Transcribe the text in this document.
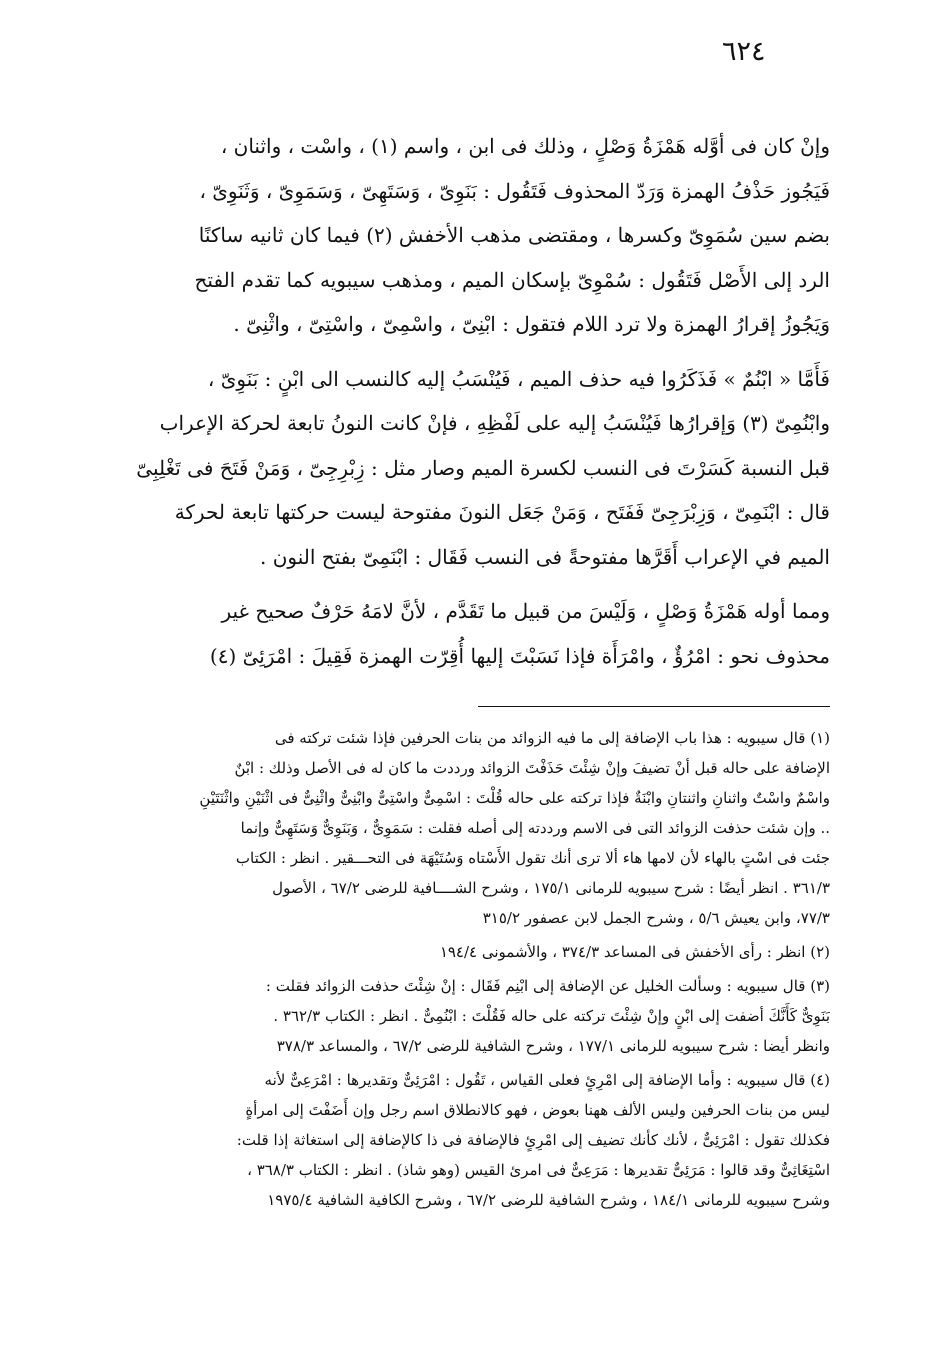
٦٢٤
وإنْ كان فى أوَّله هَمْزَةُ وَصْلٍ ، وذلك فى ابن ، واسم (١) ، واسْت ، واثنان ،
فَيَجُوز حَذْفُ الهمزة وَرَدّ المحذوف فَتَقُول : بَنَوِىّ ، وَسَتَهِىّ ، وَسَمَوِىّ ، وَثَنَوِىّ ،
بضم سين سُمَوِىّ وكسرها ، ومقتضى مذهب الأخفش (٢) فيما كان ثانيه ساكنًا
الرد إلى الأَصْل فَتَقُول : سُمْوِىّ بإسكان الميم ، ومذهب سيبويه كما تقدم الفتح
وَيَجُوزُ إقرارُ الهمزة ولا ترد اللام فتقول : ابْنِىّ ، واسْمِىّ ، واسْتِىّ ، واثْنِىّ .
فَأَمَّا « ابْنُمٌ » فَذَكَرُوا فيه حذف الميم ، فَيُنْسَبُ إليه كالنسب الى ابْنٍ : بَنَوِىّ ،
وابْنُمِىّ (٣) وَإقرارُها فَيُنْسَبُ إليه على لَفْظِهِ ، فإنْ كانت النونُ تابعة لحركة الإعراب
قبل النسبة كَسَرْتَ فى النسب لكسرة الميم وصار مثل : زِبْرِجِىّ ، وَمَنْ فَتَحَ فى تَغْلِبِىّ
قال : ابْنَمِىّ ، وَزِبْرَجِىّ فَفَتَح ، وَمَنْ جَعَل النونَ مفتوحة ليست حركتها تابعة لحركة
الميم في الإعراب أَقَرَّها مفتوحةً فى النسب فَقَال : ابْنَمِىّ بفتح النون .
ومما أوله هَمْزَةُ وَصْلٍ ، وَلَيْسَ من قبيل ما تَقَدَّم ، لأنَّ لامَهُ حَرْفٌ صحيح غير
محذوف نحو : امْرُؤٌ ، وامْرَأَة فإذا نَسَبْتَ إليها أُقِرّت الهمزة فَقِيلَ : امْرَئِىّ (٤)
(١) قال سيبويه : هذا باب الإضافة إلى ما فيه الزوائد من بنات الحرفين فإذا شئت تركته فى
الإضافة على حاله قبل أنْ تضيفَ وإنْ شِئْتَ حَذَفْتَ الزوائد ورددت ما كان له فى الأصل وذلك : ابْنٌ
واسْمٌ واسْتٌ واثنانِ واثنتانِ وابْنَةٌ فإذا تركته على حاله قُلْتَ : اسْمِىٌّ واسْتِىٌّ وابْنِىٌّ واثْنِىٌّ فى اثْنَيْنِ واثْنَتَيْنِ
.. وإن شئت حذفت الزوائد التى فى الاسم ورددته إلى أصله فقلت : سَمَوِىٌّ ، وَبَنَوِىٌّ وَسَتَهِىٌّ وإنما
جئت فى اسْتٍ بالهاء لأن لامها هاء ألا ترى أنك تقول الأَسْتاه وَسُتَيْهَة فى التحـــقير . انظر : الكتاب
٣٦١/٣ . انظر أيضًا : شرح سيبويه للرمانى ١٧٥/١ ، وشرح الشــــافية للرضى ٦٧/٢ ، الأصول
٧٧/٣، وابن يعيش ٥/٦ ، وشرح الجمل لابن عصفور ٣١٥/٢
(٢) انظر : رأى الأخفش فى المساعد ٣٧٤/٣ ، والأشمونى ١٩٤/٤
(٣) قال سيبويه : وسألت الخليل عن الإضافة إلى ابْنِم فَقَال : إنْ شِئْتَ حذفت الزوائد فقلت :
بَنَوِىٌّ كَأَنَّكَ أضفت إلى ابْنٍ وإنْ شِئْتَ تركته على حاله فَقُلْتَ : ابْنُمِىٌّ . انظر : الكتاب ٣٦٢/٣ .
وانظر أيضا : شرح سيبويه للرمانى ١٧٧/١ ، وشرح الشافية للرضى ٦٧/٢ ، والمساعد ٣٧٨/٣
(٤) قال سيبويه : وأما الإضافة إلى امْرِئٍ فعلى القياس ، تَقُول : امْرَئِىٌّ وتقديرها : امْرَعِىٌّ لأنه
ليس من بنات الحرفين وليس الألف ههنا بعوض ، فهو كالانطلاق اسم رجل وإن أَضَفْتَ إلى امرأةٍ
فكذلك تقول : امْرَئِىٌّ ، لأنك كأنك تضيف إلى امْرِئٍ فالإضافة فى ذا كالإضافة إلى استغاثة إذا قلت:
اسْتِغَاثِىٌّ وقد قالوا : مَرَئِىٌّ تقديرها : مَرَعِىٌّ فى امرئ القيس (وهو شاذ) . انظر : الكتاب ٣٦٨/٣ ،
وشرح سيبويه للرمانى ١٨٤/١ ، وشرح الشافية للرضى ٦٧/٢ ، وشرح الكافية الشافية ١٩٧٥/٤
